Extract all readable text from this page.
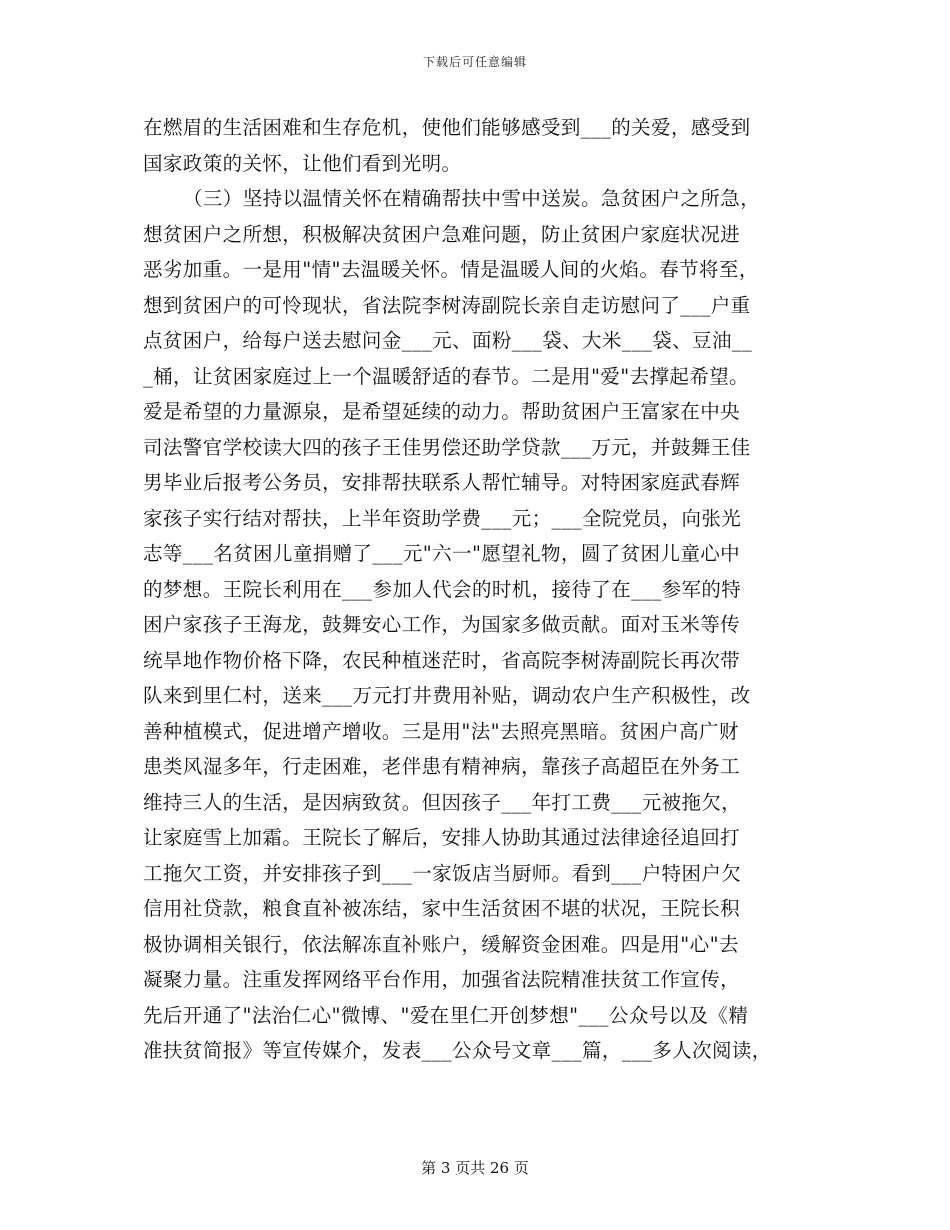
下载后可任意编辑
在燃眉的生活困难和生存危机，使他们能够感受到___的关爱，感受到
国家政策的关怀，让他们看到光明。
（三）坚持以温情关怀在精确帮扶中雪中送炭。急贫困户之所急，
想贫困户之所想，积极解决贫困户急难问题，防止贫困户家庭状况进
恶劣加重。一是用"情"去温暖关怀。情是温暖人间的火焰。春节将至，
想到贫困户的可怜现状，省法院李树涛副院长亲自走访慰问了___户重
点贫困户，给每户送去慰问金___元、面粉___袋、大米___袋、豆油__
_桶，让贫困家庭过上一个温暖舒适的春节。二是用"爱"去撑起希望。
爱是希望的力量源泉，是希望延续的动力。帮助贫困户王富家在中央
司法警官学校读大四的孩子王佳男偿还助学贷款___万元，并鼓舞王佳
男毕业后报考公务员，安排帮扶联系人帮忙辅导。对特困家庭武春辉
家孩子实行结对帮扶，上半年资助学费___元；___全院党员，向张光
志等___名贫困儿童捐赠了___元"六一"愿望礼物，圆了贫困儿童心中
的梦想。王院长利用在___参加人代会的时机，接待了在___参军的特
困户家孩子王海龙，鼓舞安心工作，为国家多做贡献。面对玉米等传
统旱地作物价格下降，农民种植迷茫时，省高院李树涛副院长再次带
队来到里仁村，送来___万元打井费用补贴，调动农户生产积极性，改
善种植模式，促进增产增收。三是用"法"去照亮黑暗。贫困户高广财
患类风湿多年，行走困难，老伴患有精神病，靠孩子高超臣在外务工
维持三人的生活，是因病致贫。但因孩子___年打工费___元被拖欠，
让家庭雪上加霜。王院长了解后，安排人协助其通过法律途径追回打
工拖欠工资，并安排孩子到___一家饭店当厨师。看到___户特困户欠
信用社贷款，粮食直补被冻结，家中生活贫困不堪的状况，王院长积
极协调相关银行，依法解冻直补账户，缓解资金困难。四是用"心"去
凝聚力量。注重发挥网络平台作用，加强省法院精准扶贫工作宣传，
先后开通了"法治仁心"微博、"爱在里仁开创梦想"___公众号以及《精
准扶贫简报》等宣传媒介，发表___公众号文章___篇，___多人次阅读，
第 3 页共 26 页
